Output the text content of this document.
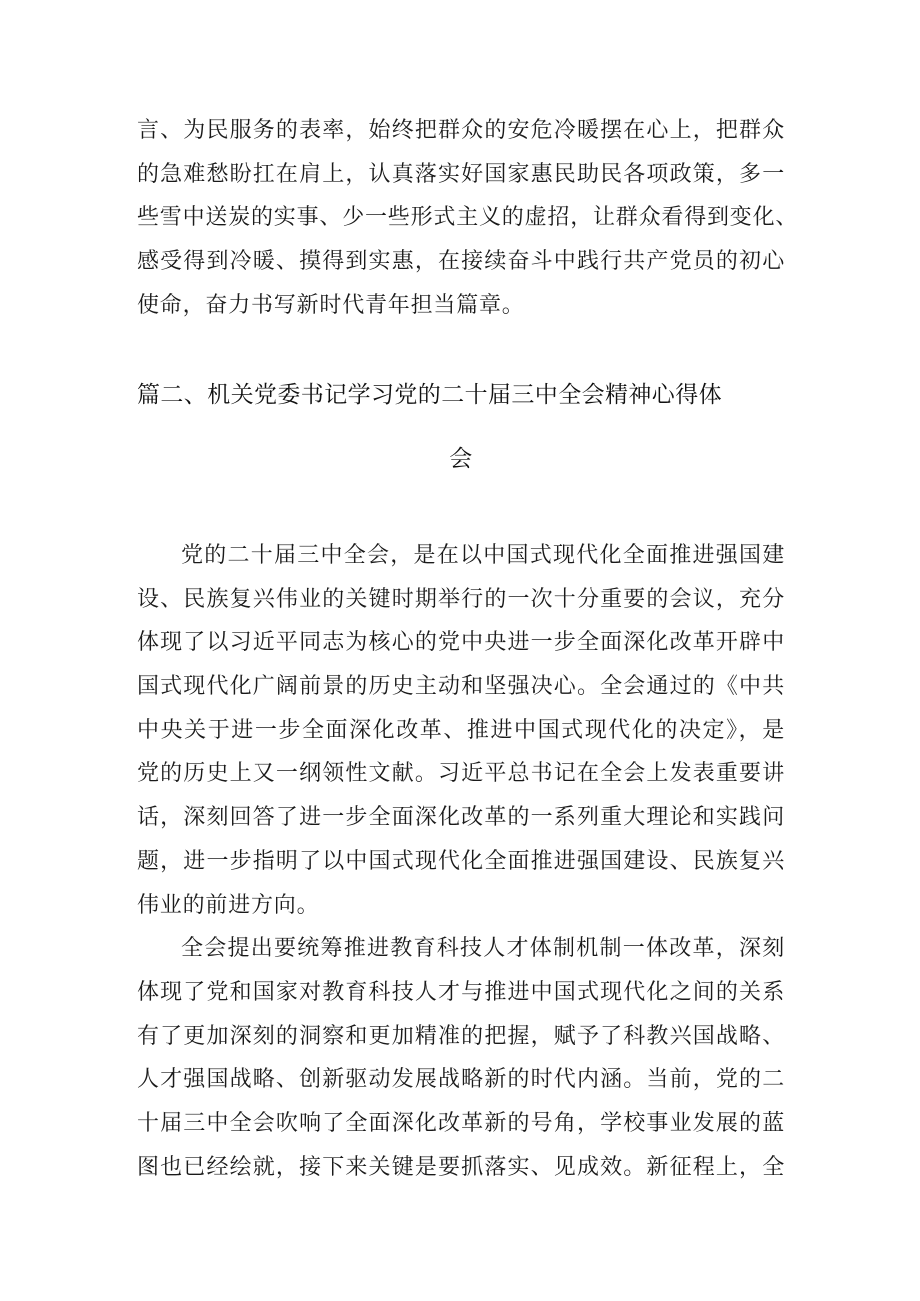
言、为民服务的表率，始终把群众的安危冷暖摆在心上，把群众
的急难愁盼扛在肩上，认真落实好国家惠民助民各项政策，多一
些雪中送炭的实事、少一些形式主义的虚招，让群众看得到变化、
感受得到冷暖、摸得到实惠，在接续奋斗中践行共产党员的初心
使命，奋力书写新时代青年担当篇章。
篇二、机关党委书记学习党的二十届三中全会精神心得体
会
党的二十届三中全会，是在以中国式现代化全面推进强国建
设、民族复兴伟业的关键时期举行的一次十分重要的会议，充分
体现了以习近平同志为核心的党中央进一步全面深化改革开辟中
国式现代化广阔前景的历史主动和坚强决心。全会通过的《中共
中央关于进一步全面深化改革、推进中国式现代化的决定》，是
党的历史上又一纲领性文献。习近平总书记在全会上发表重要讲
话，深刻回答了进一步全面深化改革的一系列重大理论和实践问
题，进一步指明了以中国式现代化全面推进强国建设、民族复兴
伟业的前进方向。
全会提出要统筹推进教育科技人才体制机制一体改革，深刻
体现了党和国家对教育科技人才与推进中国式现代化之间的关系
有了更加深刻的洞察和更加精准的把握，赋予了科教兴国战略、
人才强国战略、创新驱动发展战略新的时代内涵。当前，党的二
十届三中全会吹响了全面深化改革新的号角，学校事业发展的蓝
图也已经绘就，接下来关键是要抓落实、见成效。新征程上，全
